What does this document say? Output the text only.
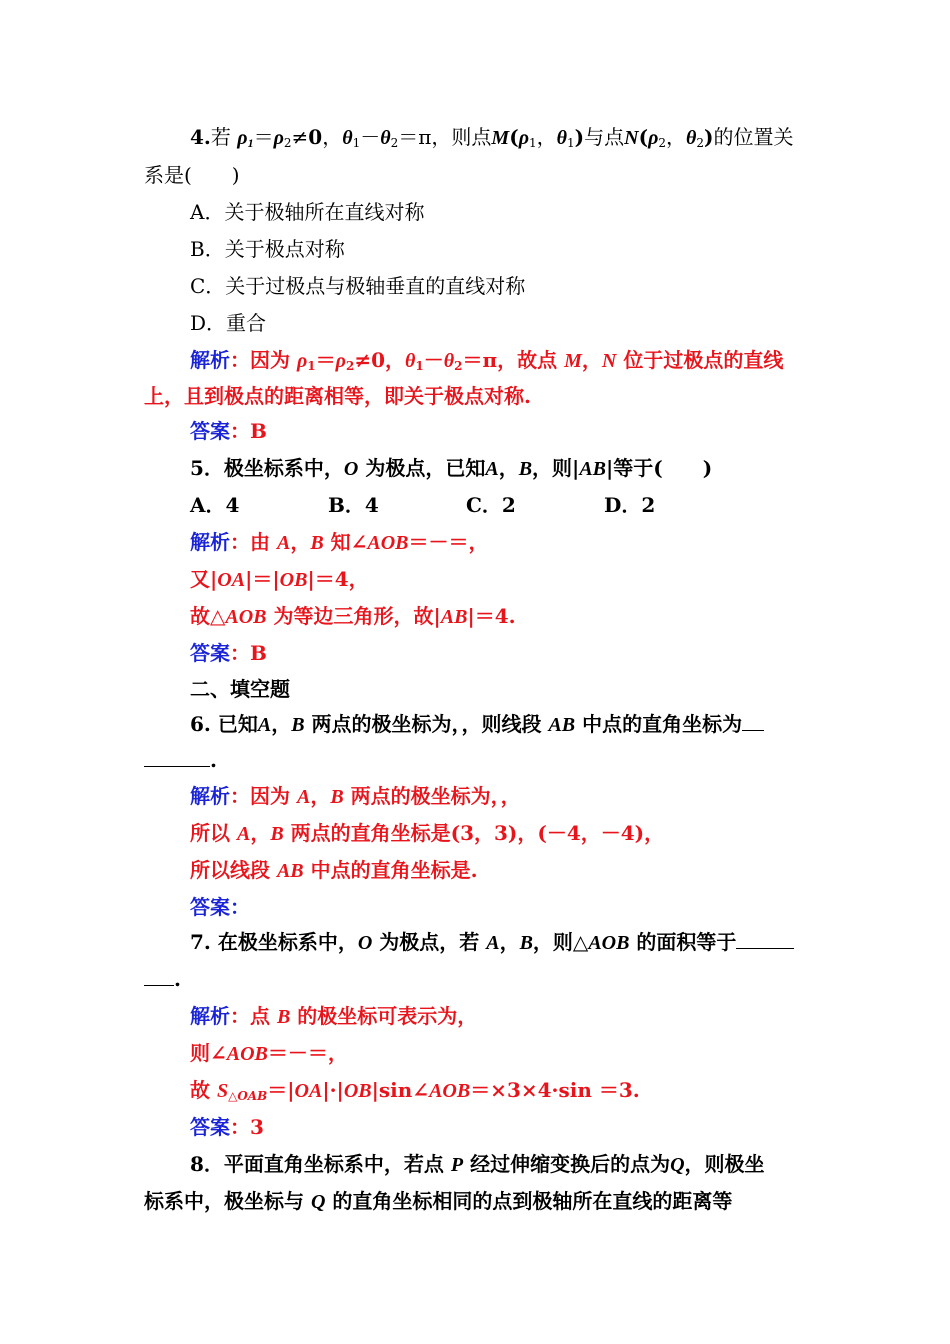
4.若 $\rho_1=\rho_2\ne 0$，$\theta_1-\theta_2=\pi$，则点$M(\rho_1$，$\theta_1$)与点$N(\rho_2$，$\theta_2$)的位置关
系是(　　)
A．关于极轴所在直线对称
B．关于极点对称
C．关于过极点与极轴垂直的直线对称
D．重合
解析：因为 $\rho_1=\rho_2\ne 0$，$\theta_1-\theta_2=\pi$，故点 M，N 位于过极点的直线
上，且到极点的距离相等，即关于极点对称.
答案：B
5．极坐标系中，O 为极点，已知A，B，则|AB|等于(　　)
A．4	B．4	C．2	D．2
解析：由 A，B 知∠AOB＝－＝，
又|OA|＝|OB|＝4，
故△AOB 为等边三角形，故|AB|＝4.
答案：B
二、填空题
6. 已知A，B 两点的极坐标为，，则线段 AB 中点的直角坐标为
.
解析：因为 A，B 两点的极坐标为，，
所以 A，B 两点的直角坐标是(3，3)，(－4，－4)，
所以线段 AB 中点的直角坐标是.
答案：
7. 在极坐标系中，O 为极点，若 A，B，则△AOB 的面积等于
.
解析：点 B 的极坐标可表示为，
则∠AOB＝－＝，
故 $S_{\triangle OAB}=|OA|\cdot|OB|\sin\angle AOB=\times 3\times 4\cdot\sin =3$.
答案：3
8．平面直角坐标系中，若点 P 经过伸缩变换后的点为Q，则极坐
标系中，极坐标与 Q 的直角坐标相同的点到极轴所在直线的距离等
